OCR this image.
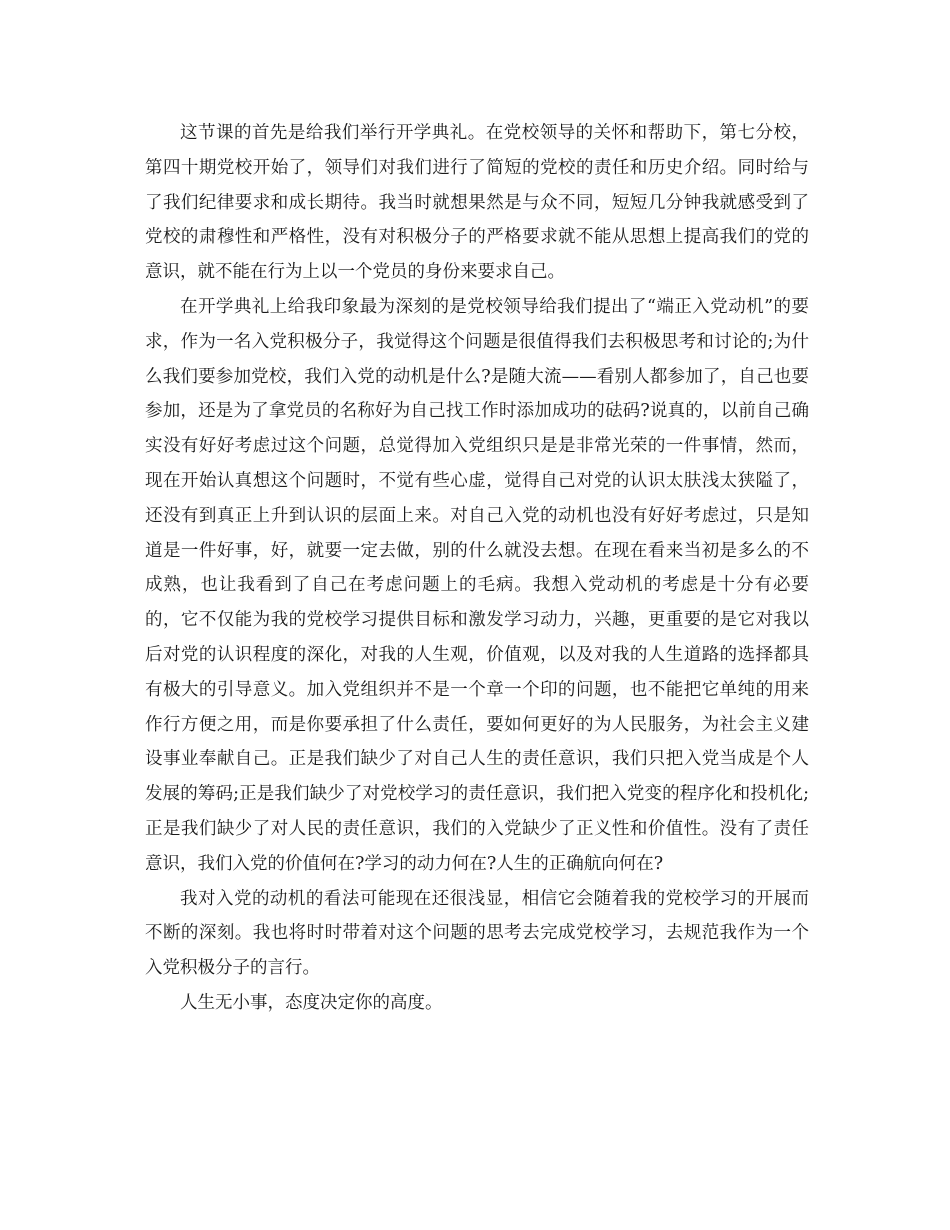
这节课的首先是给我们举行开学典礼。在党校领导的关怀和帮助下，第七分校，第四十期党校开始了，领导们对我们进行了简短的党校的责任和历史介绍。同时给与了我们纪律要求和成长期待。我当时就想果然是与众不同，短短几分钟我就感受到了党校的肃穆性和严格性，没有对积极分子的严格要求就不能从思想上提高我们的党的意识，就不能在行为上以一个党员的身份来要求自己。

在开学典礼上给我印象最为深刻的是党校领导给我们提出了“端正入党动机”的要求，作为一名入党积极分子，我觉得这个问题是很值得我们去积极思考和讨论的;为什么我们要参加党校，我们入党的动机是什么?是随大流——看别人都参加了，自己也要参加，还是为了拿党员的名称好为自己找工作时添加成功的砝码?说真的，以前自己确实没有好好考虑过这个问题，总觉得加入党组织只是是非常光荣的一件事情，然而，现在开始认真想这个问题时，不觉有些心虚，觉得自己对党的认识太肤浅太狭隘了，还没有到真正上升到认识的层面上来。对自己入党的动机也没有好好考虑过，只是知道是一件好事，好，就要一定去做，别的什么就没去想。在现在看来当初是多么的不成熟，也让我看到了自己在考虑问题上的毛病。我想入党动机的考虑是十分有必要的，它不仅能为我的党校学习提供目标和激发学习动力，兴趣，更重要的是它对我以后对党的认识程度的深化，对我的人生观，价值观，以及对我的人生道路的选择都具有极大的引导意义。加入党组织并不是一个章一个印的问题，也不能把它单纯的用来作行方便之用，而是你要承担了什么责任，要如何更好的为人民服务，为社会主义建设事业奉献自己。正是我们缺少了对自己人生的责任意识，我们只把入党当成是个人发展的筹码;正是我们缺少了对党校学习的责任意识，我们把入党变的程序化和投机化;正是我们缺少了对人民的责任意识，我们的入党缺少了正义性和价值性。没有了责任意识，我们入党的价值何在?学习的动力何在?人生的正确航向何在?

我对入党的动机的看法可能现在还很浅显，相信它会随着我的党校学习的开展而不断的深刻。我也将时时带着对这个问题的思考去完成党校学习，去规范我作为一个入党积极分子的言行。

人生无小事，态度决定你的高度。
